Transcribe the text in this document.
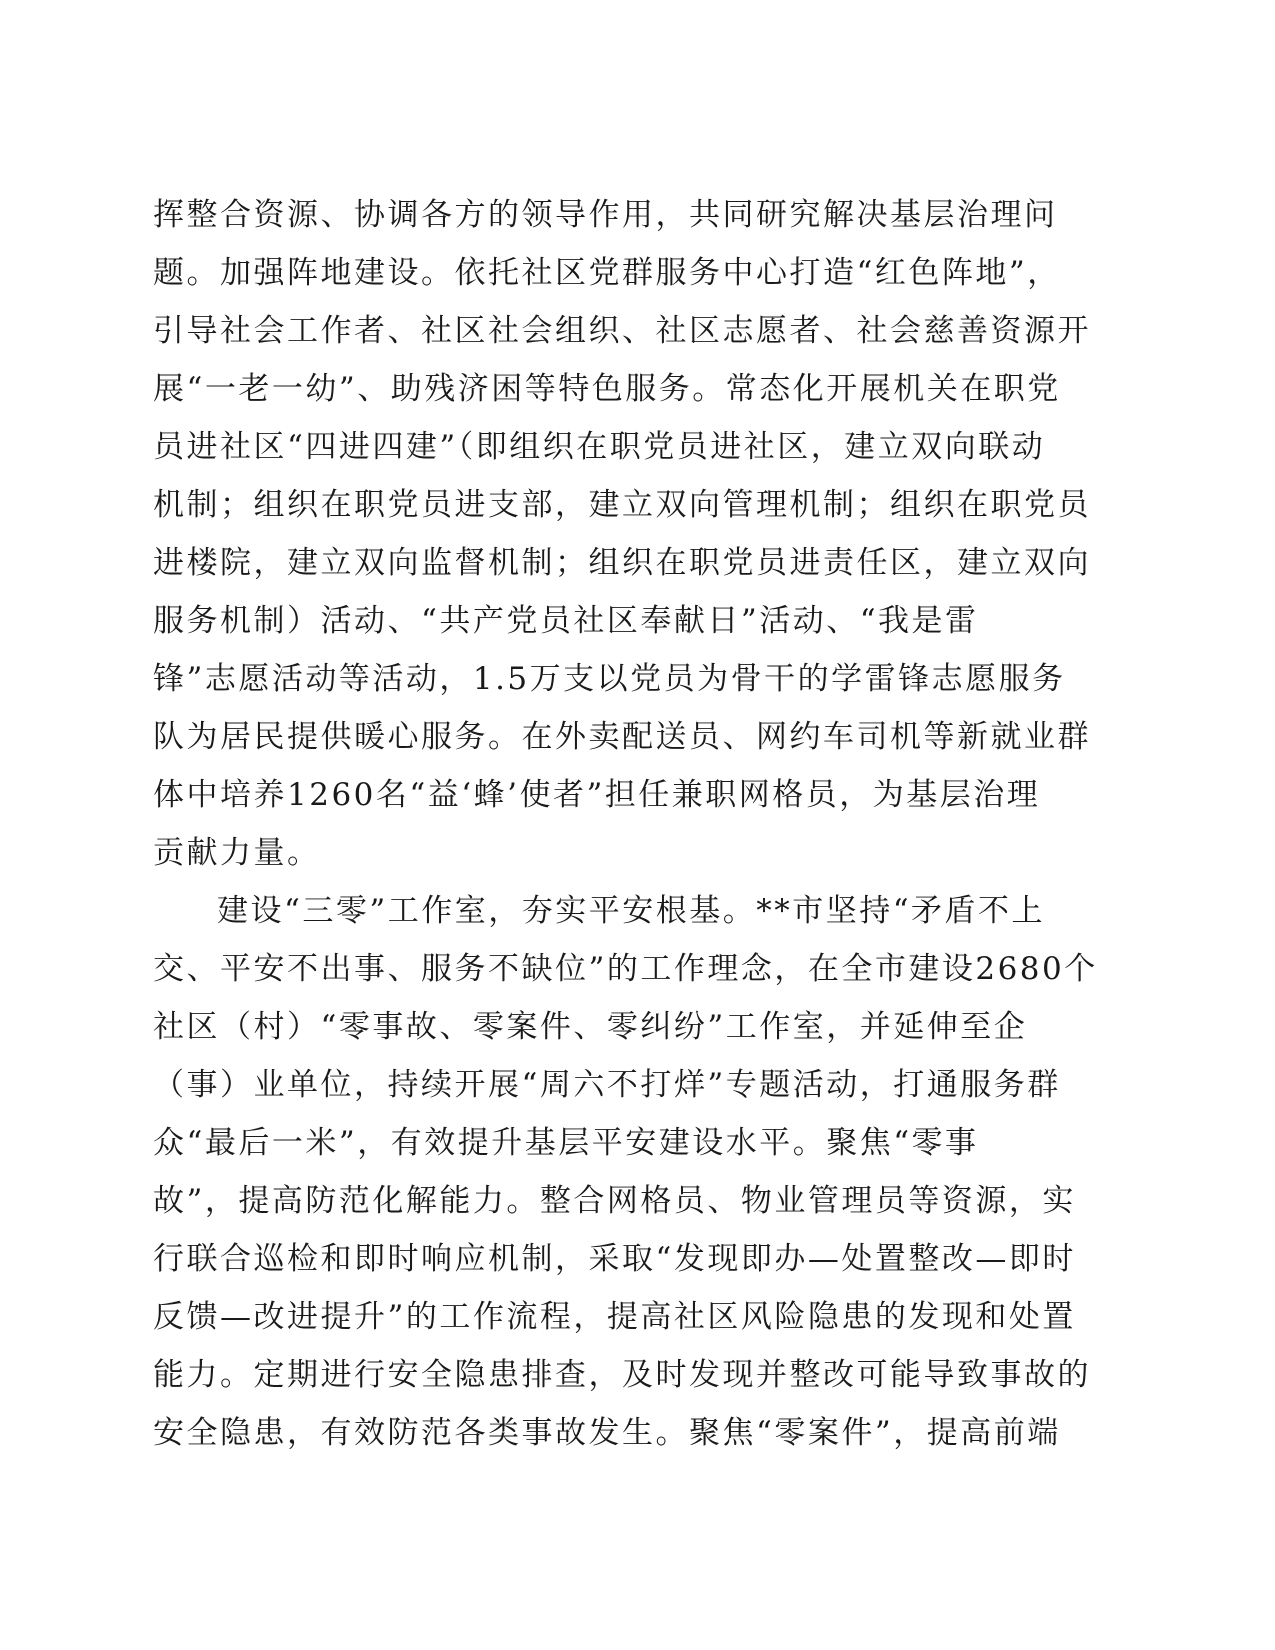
挥整合资源、协调各方的领导作用，共同研究解决基层治理问
题。加强阵地建设。依托社区党群服务中心打造“红色阵地”，
引导社会工作者、社区社会组织、社区志愿者、社会慈善资源开
展“一老一幼”、助残济困等特色服务。常态化开展机关在职党
员进社区“四进四建”（即组织在职党员进社区，建立双向联动
机制；组织在职党员进支部，建立双向管理机制；组织在职党员
进楼院，建立双向监督机制；组织在职党员进责任区，建立双向
服务机制）活动、“共产党员社区奉献日”活动、“我是雷
锋”志愿活动等活动，1.5万支以党员为骨干的学雷锋志愿服务
队为居民提供暖心服务。在外卖配送员、网约车司机等新就业群
体中培养1260名“益‘蜂’使者”担任兼职网格员，为基层治理
贡献力量。
建设“三零”工作室，夯实平安根基。**市坚持“矛盾不上
交、平安不出事、服务不缺位”的工作理念，在全市建设2680个
社区（村）“零事故、零案件、零纠纷”工作室，并延伸至企
（事）业单位，持续开展“周六不打烊”专题活动，打通服务群
众“最后一米”，有效提升基层平安建设水平。聚焦“零事
故”，提高防范化解能力。整合网格员、物业管理员等资源，实
行联合巡检和即时响应机制，采取“发现即办—处置整改—即时
反馈—改进提升”的工作流程，提高社区风险隐患的发现和处置
能力。定期进行安全隐患排查，及时发现并整改可能导致事故的
安全隐患，有效防范各类事故发生。聚焦“零案件”，提高前端
